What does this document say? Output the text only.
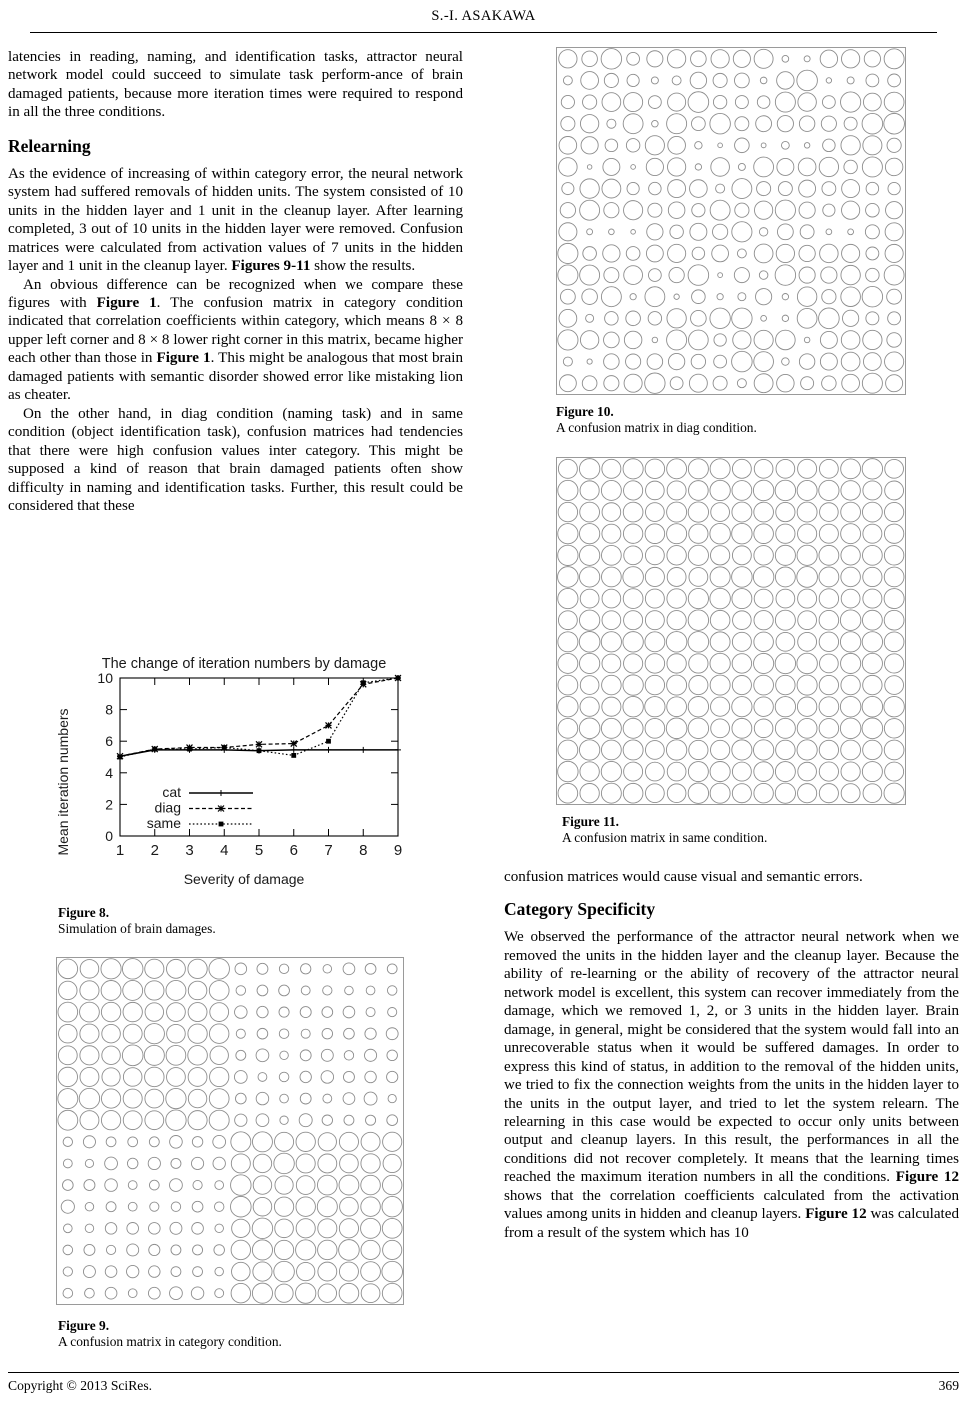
S.-I. ASAKAWA

latencies in reading, naming, and identification tasks, attractor neural network model could succeed to simulate task perform-ance of brain damaged patients, because more iteration times were required to respond in all the three conditions.

Relearning

As the evidence of increasing of within category error, the neural network system had suffered removals of hidden units. The system consisted of 10 units in the hidden layer and 1 unit in the cleanup layer. After learning completed, 3 out of 10 units in the hidden layer were removed. Confusion matrices were calculated from activation values of 7 units in the hidden layer and 1 unit in the cleanup layer. Figures 9-11 show the results.

An obvious difference can be recognized when we compare these figures with Figure 1. The confusion matrix in category condition indicated that correlation coefficients within category, which means 8 × 8 upper left corner and 8 × 8 lower right corner in this matrix, became higher each other than those in Figure 1. This might be analogous that most brain damaged patients with semantic disorder showed error like mistaking lion as cheater.

On the other hand, in diag condition (naming task) and in same condition (object identification task), confusion matrices had tendencies that there were high confusion values inter category. This might be supposed a kind of reason that brain damaged patients often show difficulty in naming and identification tasks. Further, this result could be considered that these

The change of iteration numbers by damage
Mean iteration numbers
Severity of damage
0
2
4
6
8
10
1 2 3 4 5 6 7 8 9
cat
diag
same
Figure 8.
Simulation of brain damages.
Figure 9.
A confusion matrix in category condition.
Figure 10.
A confusion matrix in diag condition.
Figure 11.
A confusion matrix in same condition.

confusion matrices would cause visual and semantic errors.

Category Specificity

We observed the performance of the attractor neural network when we removed the units in the hidden layer and the cleanup layer. Because the ability of re-learning or the ability of recovery of the attractor neural network model is excellent, this system can recover immediately from the damage, which we removed 1, 2, or 3 units in the hidden layer. Brain damage, in general, might be considered that the system would fall into an unrecoverable status when it would be suffered damages. In order to express this kind of status, in addition to the removal of the hidden units, we tried to fix the connection weights from the units in the hidden layer to the units in the output layer, and tried to let the system relearn. The relearning in this case would be expected to occur only units between output and cleanup layers. In this result, the performances in all the conditions did not recover completely. It means that the learning times reached the maximum iteration numbers in all the conditions. Figure 12 shows that the correlation coefficients calculated from the activation values among units in hidden and cleanup layers. Figure 12 was calculated from a result of the system which has 10

Copyright © 2013 SciRes.	369
